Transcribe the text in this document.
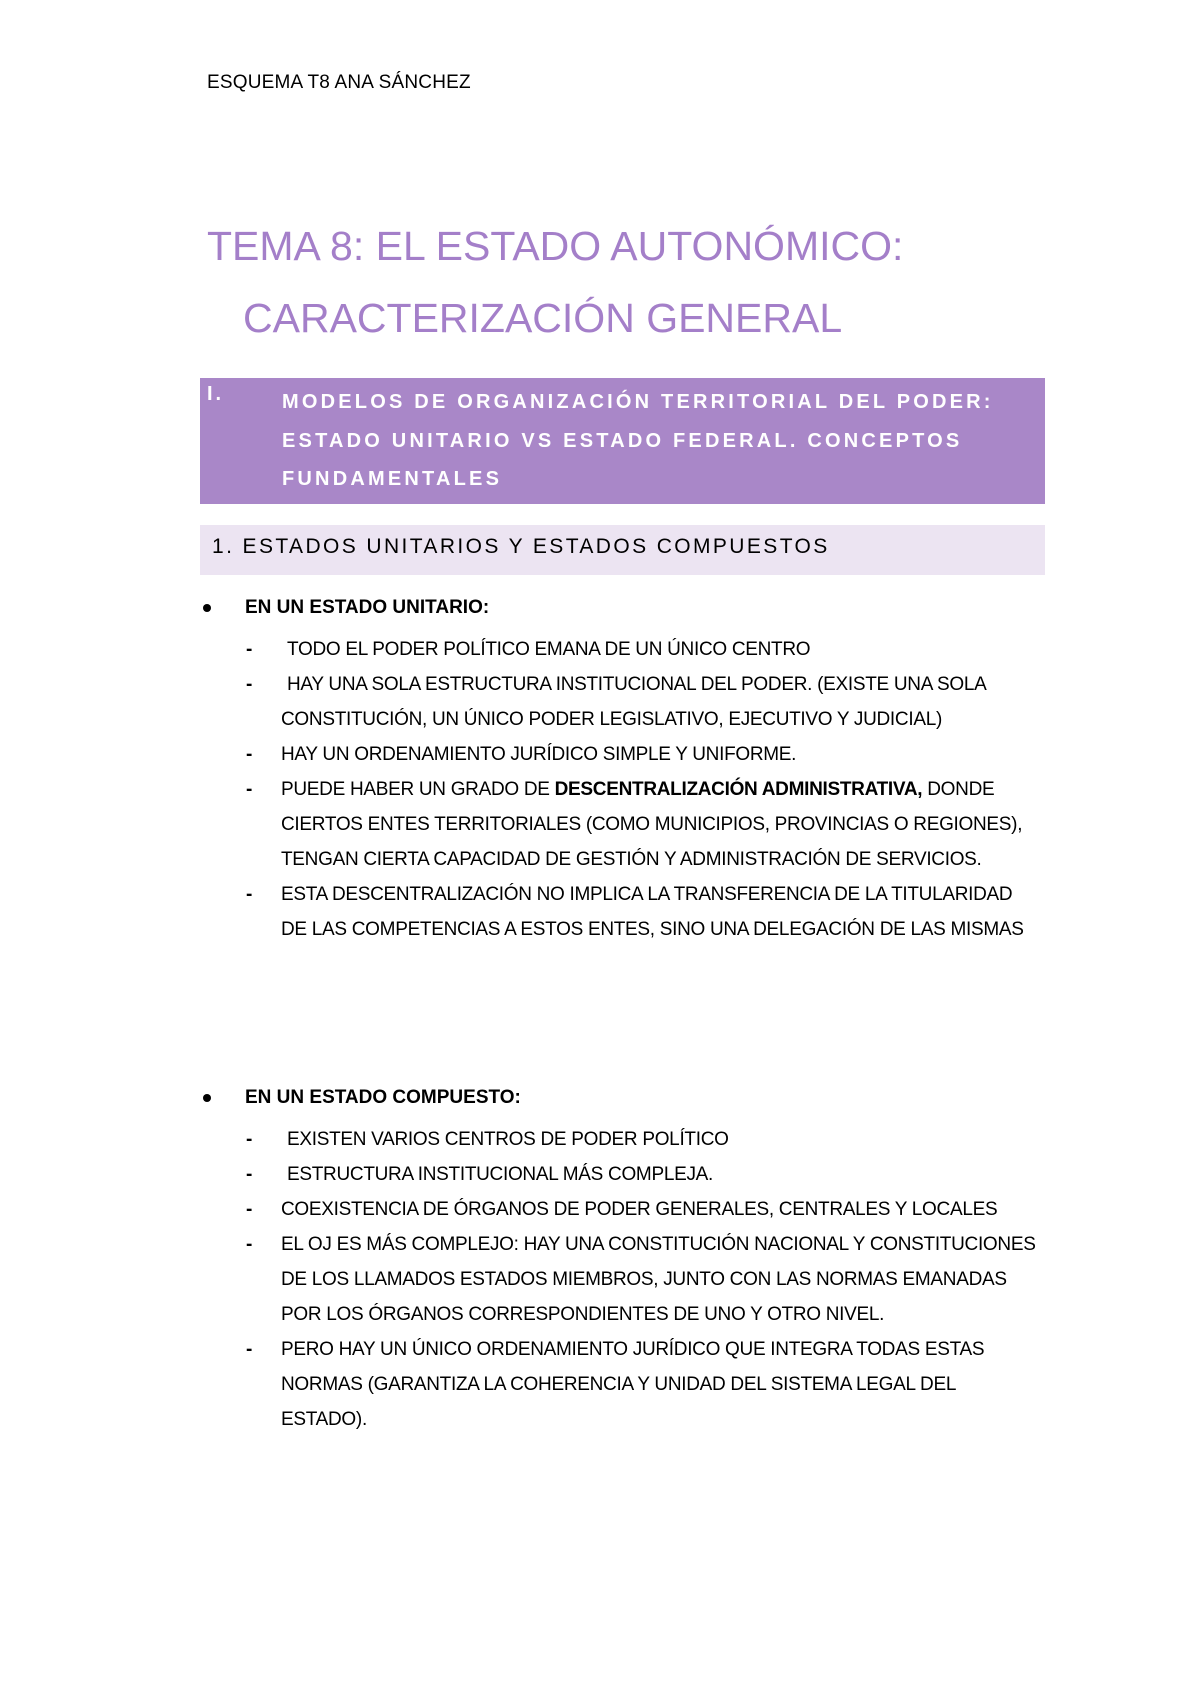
ESQUEMA T8 ANA SÁNCHEZ
TEMA 8: EL ESTADO AUTONÓMICO:
CARACTERIZACIÓN GENERAL
I.	MODELOS DE ORGANIZACIÓN TERRITORIAL DEL PODER: ESTADO UNITARIO VS ESTADO FEDERAL. CONCEPTOS FUNDAMENTALES
1. ESTADOS UNITARIOS Y ESTADOS COMPUESTOS
EN UN ESTADO UNITARIO:
- TODO EL PODER POLÍTICO EMANA DE UN ÚNICO CENTRO
- HAY UNA SOLA ESTRUCTURA INSTITUCIONAL DEL PODER. (EXISTE UNA SOLA CONSTITUCIÓN, UN ÚNICO PODER LEGISLATIVO, EJECUTIVO Y JUDICIAL)
- HAY UN ORDENAMIENTO JURÍDICO SIMPLE Y UNIFORME.
- PUEDE HABER UN GRADO DE DESCENTRALIZACIÓN ADMINISTRATIVA, DONDE CIERTOS ENTES TERRITORIALES (COMO MUNICIPIOS, PROVINCIAS O REGIONES), TENGAN CIERTA CAPACIDAD DE GESTIÓN Y ADMINISTRACIÓN DE SERVICIOS.
- ESTA DESCENTRALIZACIÓN NO IMPLICA LA TRANSFERENCIA DE LA TITULARIDAD DE LAS COMPETENCIAS A ESTOS ENTES, SINO UNA DELEGACIÓN DE LAS MISMAS
EN UN ESTADO COMPUESTO:
- EXISTEN VARIOS CENTROS DE PODER POLÍTICO
- ESTRUCTURA INSTITUCIONAL MÁS COMPLEJA.
- COEXISTENCIA DE ÓRGANOS DE PODER GENERALES, CENTRALES Y LOCALES
- EL OJ ES MÁS COMPLEJO: HAY UNA CONSTITUCIÓN NACIONAL Y CONSTITUCIONES DE LOS LLAMADOS ESTADOS MIEMBROS, JUNTO CON LAS NORMAS EMANADAS POR LOS ÓRGANOS CORRESPONDIENTES DE UNO Y OTRO NIVEL.
- PERO HAY UN ÚNICO ORDENAMIENTO JURÍDICO QUE INTEGRA TODAS ESTAS NORMAS (GARANTIZA LA COHERENCIA Y UNIDAD DEL SISTEMA LEGAL DEL ESTADO).
